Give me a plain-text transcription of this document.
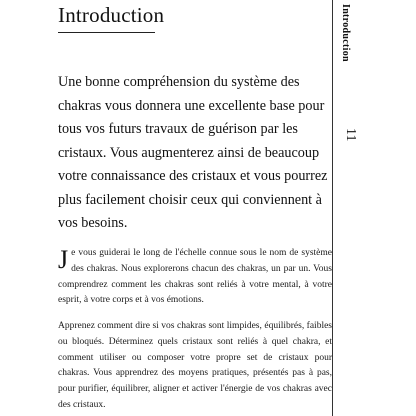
Introduction	Introduction
11

Une bonne compréhension du système des chakras vous donnera une excellente base pour tous vos futurs travaux de guérison par les cristaux. Vous augmenterez ainsi de beaucoup votre connaissance des cristaux et vous pourrez plus facilement choisir ceux qui conviennent à vos besoins.

Je vous guiderai le long de l'échelle connue sous le nom de système des chakras. Nous explorerons chacun des chakras, un par un. Vous comprendrez comment les chakras sont reliés à votre mental, à votre esprit, à votre corps et à vos émotions.

Apprenez comment dire si vos chakras sont limpides, équilibrés, faibles ou bloqués. Déterminez quels cristaux sont reliés à quel chakra, et comment utiliser ou composer votre propre set de cristaux pour chakras. Vous apprendrez des moyens pratiques, présentés pas à pas, pour purifier, équilibrer, aligner et activer l'énergie de vos chakras avec des cristaux.
